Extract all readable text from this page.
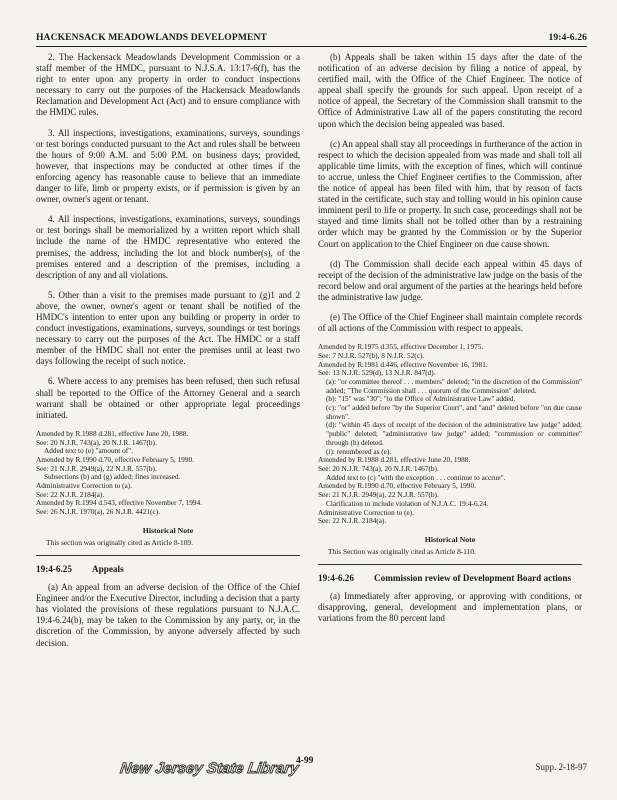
HACKENSACK MEADOWLANDS DEVELOPMENT	19:4-6.26

2. The Hackensack Meadowlands Development Commission or a staff member of the HMDC, pursuant to N.J.S.A. 13:17-6(f), has the right to enter upon any property in order to conduct inspections necessary to carry out the purposes of the Hackensack Meadowlands Reclamation and Development Act (Act) and to ensure compliance with the HMDC rules.

3. All inspections, investigations, examinations, surveys, soundings or test borings conducted pursuant to the Act and rules shall be between the hours of 9:00 A.M. and 5:00 P.M. on business days; provided, however, that inspections may be conducted at other times if the enforcing agency has reasonable cause to believe that an immediate danger to life, limb or property exists, or if permission is given by an owner, owner's agent or tenant.

4. All inspections, investigations, examinations, surveys, soundings or test borings shall be memorialized by a written report which shall include the name of the HMDC representative who entered the premises, the address, including the lot and block number(s), of the premises entered and a description of the premises, including a description of any and all violations.

5. Other than a visit to the premises made pursuant to (g)1 and 2 above, the owner, owner's agent or tenant shall be notified of the HMDC's intention to enter upon any building or property in order to conduct investigations, examinations, surveys, soundings or test borings necessary to carry out the purposes of the Act. The HMDC or a staff member of the HMDC shall not enter the premises until at least two days following the receipt of such notice.

6. Where access to any premises has been refused, then such refusal shall be reported to the Office of the Attorney General and a search warrant shall be obtained or other appropriate legal proceedings initiated.

Amended by R.1988 d.281, effective June 20, 1988.
See: 20 N.J.R. 743(a), 20 N.J.R. 1467(b).
Added text to (e) "amount of".
Amended by R.1990 d.70, effective February 5, 1990.
See: 21 N.J.R. 2949(a), 22 N.J.R. 557(b).
Subsections (b) and (g) added; fines increased.
Administrative Correction to (a).
See: 22 N.J.R. 2184(a).
Amended by R.1994 d.543, effective November 7, 1994.
See: 26 N.J.R. 1970(a), 26 N.J.R. 4421(c).
Historical Note
This section was originally cited as Article 8-109.
19:4-6.25	Appeals

(a) An appeal from an adverse decision of the Office of the Chief Engineer and/or the Executive Director, including a decision that a party has violated the provisions of these regulations pursuant to N.J.A.C. 19:4-6.24(b), may be taken to the Commission by any party, or, in the discretion of the Commission, by anyone adversely affected by such decision.

(b) Appeals shall be taken within 15 days after the date of the notification of an adverse decision by filing a notice of appeal, by certified mail, with the Office of the Chief Engineer. The notice of appeal shall specify the grounds for such appeal. Upon receipt of a notice of appeal, the Secretary of the Commission shall transmit to the Office of Administrative Law all of the papers constituting the record upon which the decision being appealed was based.

(c) An appeal shall stay all proceedings in furtherance of the action in respect to which the decision appealed from was made and shall toll all applicable time limits, with the exception of fines, which will continue to accrue, unless the Chief Engineer certifies to the Commission, after the notice of appeal has been filed with him, that by reason of facts stated in the certificate, such stay and tolling would in his opinion cause imminent peril to life or property. In such case, proceedings shall not be stayed and time limits shall not be tolled other than by a restraining order which may be granted by the Commission or by the Superior Court on application to the Chief Engineer on due cause shown.

(d) The Commission shall decide each appeal within 45 days of receipt of the decision of the administrative law judge on the basis of the record below and oral argument of the parties at the hearings held before the administrative law judge.

(e) The Office of the Chief Engineer shall maintain complete records of all actions of the Commission with respect to appeals.

Amended by R.1975 d.355, effective December 1, 1975.
See: 7 N.J.R. 527(b), 8 N.J.R. 52(c).
Amended by R.1981 d.446, effective November 16, 1981.
See: 13 N.J.R. 529(d), 13 N.J.R. 847(d).
(a): "or committee thereof . . . members" deleted; "in the discretion of the Commission" added; "The Commission shall . . . quorum of the Commission" deleted.
(b): "15" was "30"; "to the Office of Administrative Law" added.
(c): "or" added before "by the Superior Court", and "and" deleted before "on due cause shown".
(d): "within 45 days of receipt of the decision of the administrative law judge" added; "public" deleted; "administrative law judge" added; "commission or committee" through (h) deleted.
(i): renumbered as (e).
Amended by R.1988 d.281, effective June 20, 1988.
See: 20 N.J.R. 743(a), 20 N.J.R. 1467(b).
Added text to (c) "with the exception . . . continue to accrue".
Amended by R.1990 d.70, effective February 5, 1990.
See: 21 N.J.R. 2949(a), 22 N.J.R. 557(b).
Clarification to include violation of N.J.A.C. 19:4-6.24.
Administrative Correction to (e).
See: 22 N.J.R. 2184(a).
Historical Note
This Section was originally cited as Article 8-110.
19:4-6.26	Commission review of Development Board actions

(a) Immediately after approving, or approving with conditions, or disapproving, general, development and implementation plans, or variations from the 80 percent land

New Jersey State Library
4-99
Supp. 2-18-97
